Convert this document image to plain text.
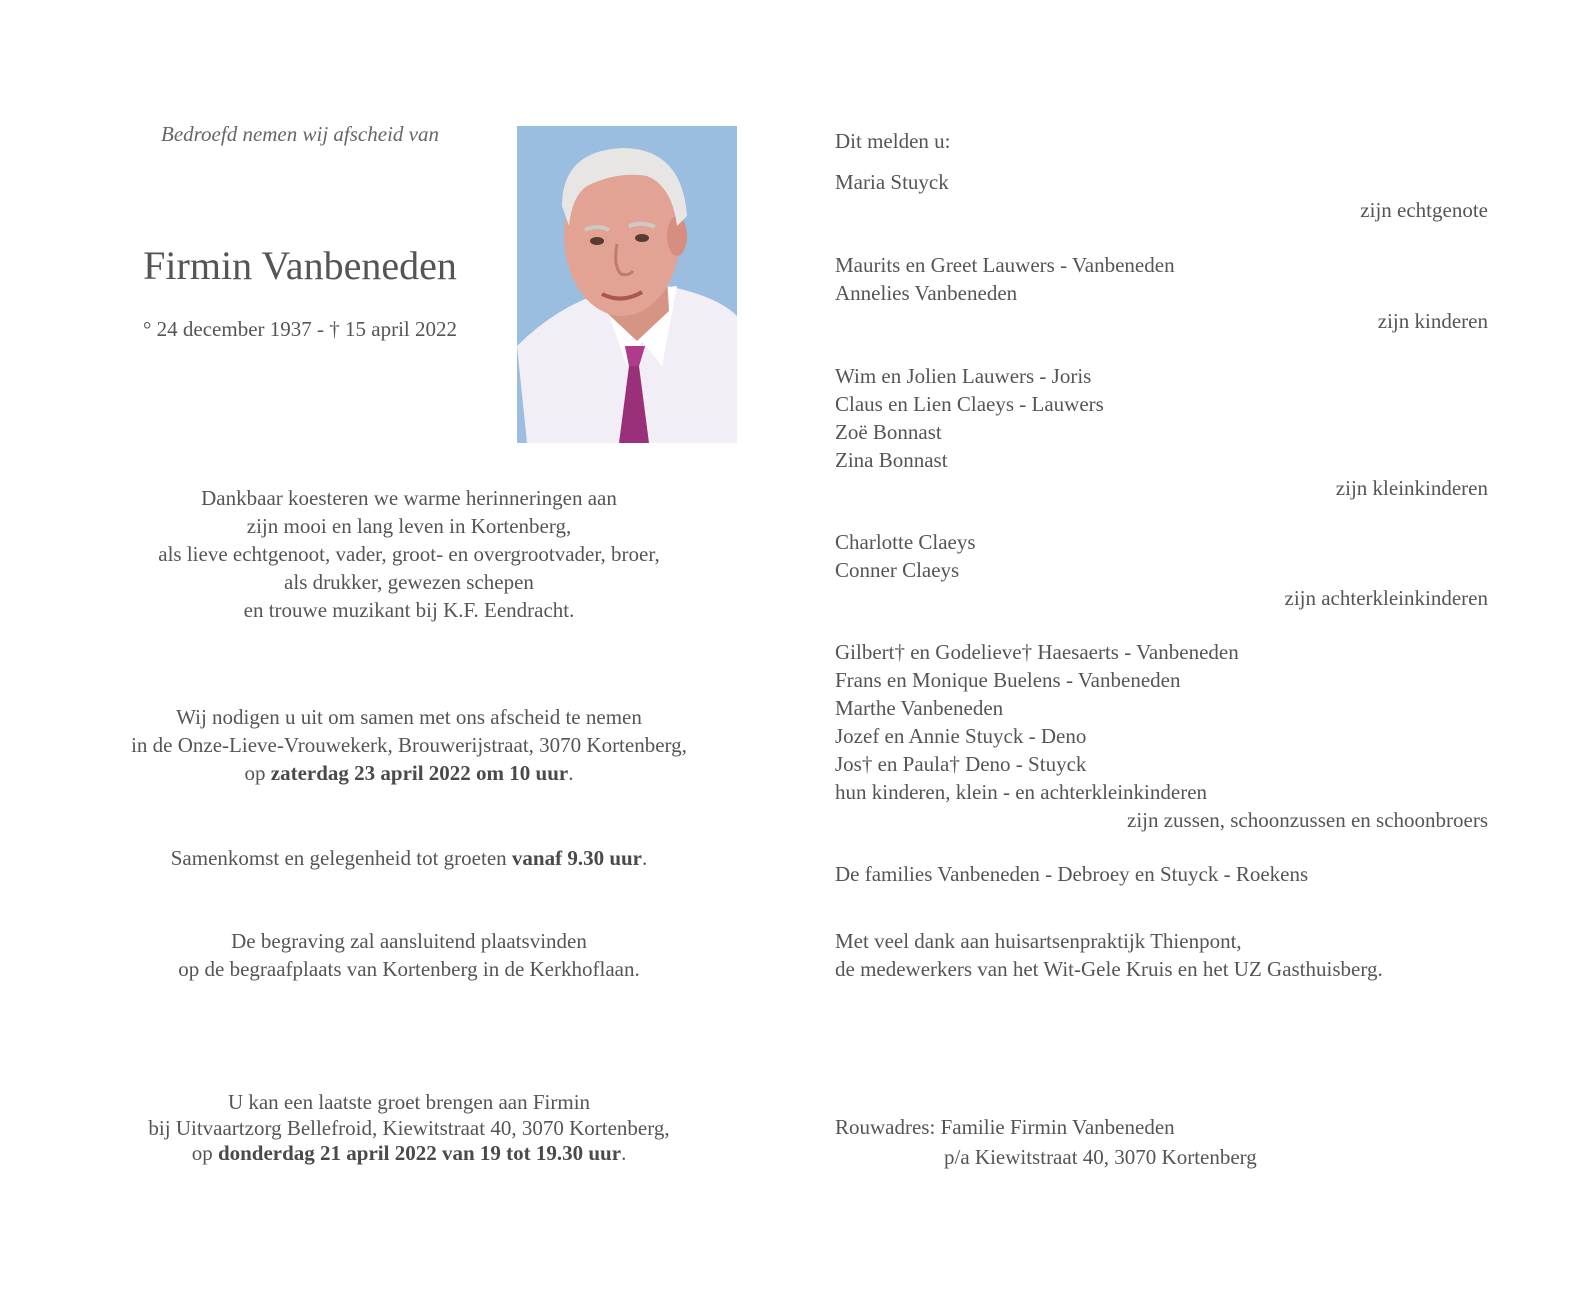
Bedroefd nemen wij afscheid van
Firmin Vanbeneden
° 24 december 1937 - † 15 april 2022
Dankbaar koesteren we warme herinneringen aan
zijn mooi en lang leven in Kortenberg,
als lieve echtgenoot, vader, groot- en overgrootvader, broer,
als drukker, gewezen schepen
en trouwe muzikant bij K.F. Eendracht.
Wij nodigen u uit om samen met ons afscheid te nemen
in de Onze-Lieve-Vrouwekerk, Brouwerijstraat, 3070 Kortenberg,
op zaterdag 23 april 2022 om 10 uur.
Samenkomst en gelegenheid tot groeten vanaf 9.30 uur.
De begraving zal aansluitend plaatsvinden
op de begraafplaats van Kortenberg in de Kerkhoflaan.
U kan een laatste groet brengen aan Firmin
bij Uitvaartzorg Bellefroid, Kiewitstraat 40, 3070 Kortenberg,
op donderdag 21 april 2022 van 19 tot 19.30 uur.
Dit melden u:
Maria Stuyck
zijn echtgenote
Maurits en Greet Lauwers - Vanbeneden
Annelies Vanbeneden
zijn kinderen
Wim en Jolien Lauwers - Joris
Claus en Lien Claeys - Lauwers
Zoë Bonnast
Zina Bonnast
zijn kleinkinderen
Charlotte Claeys
Conner Claeys
zijn achterkleinkinderen
Gilbert† en Godelieve† Haesaerts - Vanbeneden
Frans en Monique Buelens - Vanbeneden
Marthe Vanbeneden
Jozef en Annie Stuyck - Deno
Jos† en Paula† Deno - Stuyck
hun kinderen, klein - en achterkleinkinderen
zijn zussen, schoonzussen en schoonbroers
De families Vanbeneden - Debroey en Stuyck - Roekens
Met veel dank aan huisartsenpraktijk Thienpont,
de medewerkers van het Wit-Gele Kruis en het UZ Gasthuisberg.
Rouwadres: Familie Firmin Vanbeneden
p/a Kiewitstraat 40, 3070 Kortenberg
